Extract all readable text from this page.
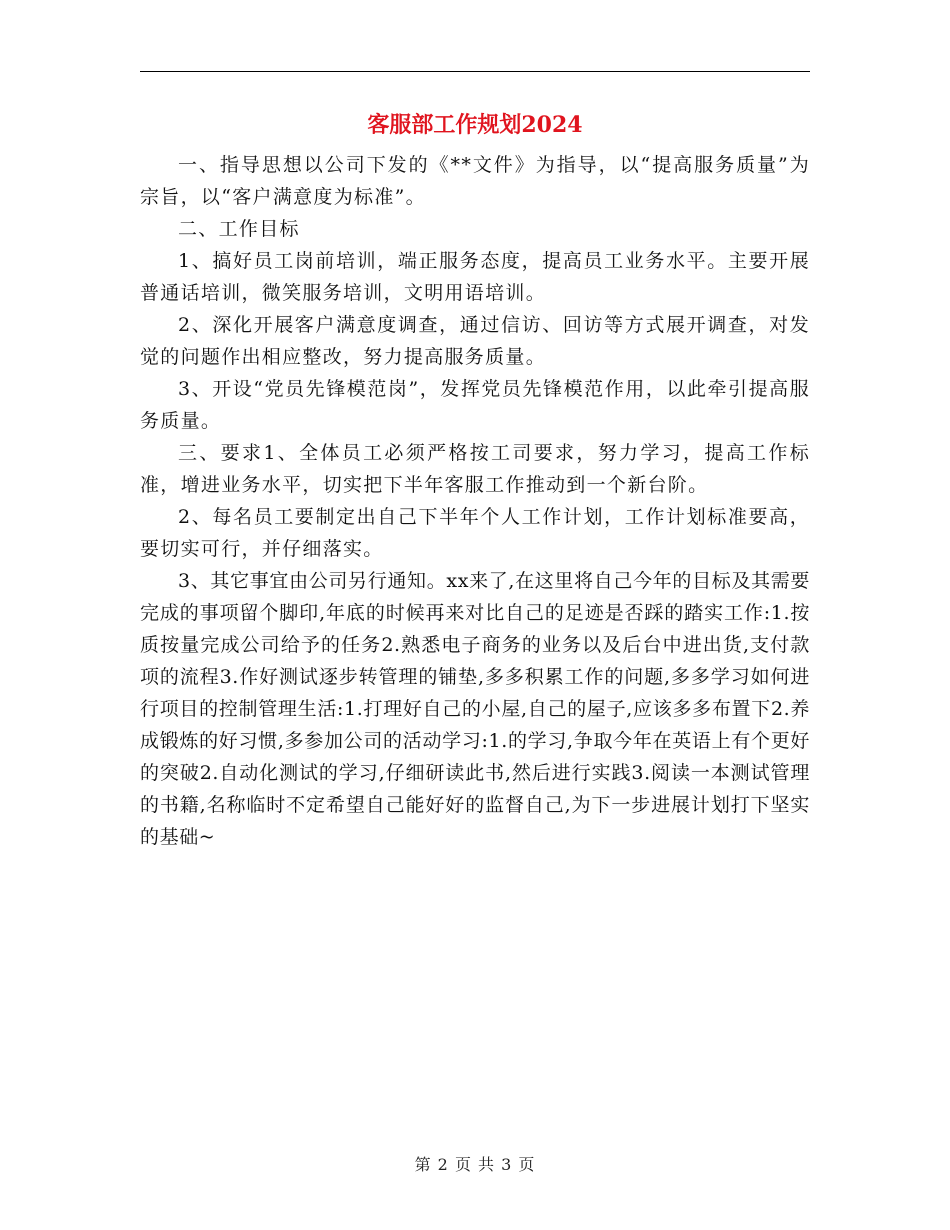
客服部工作规划2024

一、指导思想以公司下发的《**文件》为指导，以“提高服务质量”为宗旨，以“客户满意度为标准”。

二、工作目标

1、搞好员工岗前培训，端正服务态度，提高员工业务水平。主要开展普通话培训，微笑服务培训，文明用语培训。

2、深化开展客户满意度调查，通过信访、回访等方式展开调查，对发觉的问题作出相应整改，努力提高服务质量。

3、开设“党员先锋模范岗”，发挥党员先锋模范作用，以此牵引提高服务质量。

三、要求1、全体员工必须严格按工司要求，努力学习，提高工作标准，增进业务水平，切实把下半年客服工作推动到一个新台阶。

2、每名员工要制定出自己下半年个人工作计划，工作计划标准要高，要切实可行，并仔细落实。

3、其它事宜由公司另行通知。xx来了,在这里将自己今年的目标及其需要完成的事项留个脚印,年底的时候再来对比自己的足迹是否踩的踏实工作:1.按质按量完成公司给予的任务2.熟悉电子商务的业务以及后台中进出货,支付款项的流程3.作好测试逐步转管理的铺垫,多多积累工作的问题,多多学习如何进行项目的控制管理生活:1.打理好自己的小屋,自己的屋子,应该多多布置下2.养成锻炼的好习惯,多参加公司的活动学习:1.的学习,争取今年在英语上有个更好的突破2.自动化测试的学习,仔细研读此书,然后进行实践3.阅读一本测试管理的书籍,名称临时不定希望自己能好好的监督自己,为下一步进展计划打下坚实的基础~

第 2 页 共 3 页
